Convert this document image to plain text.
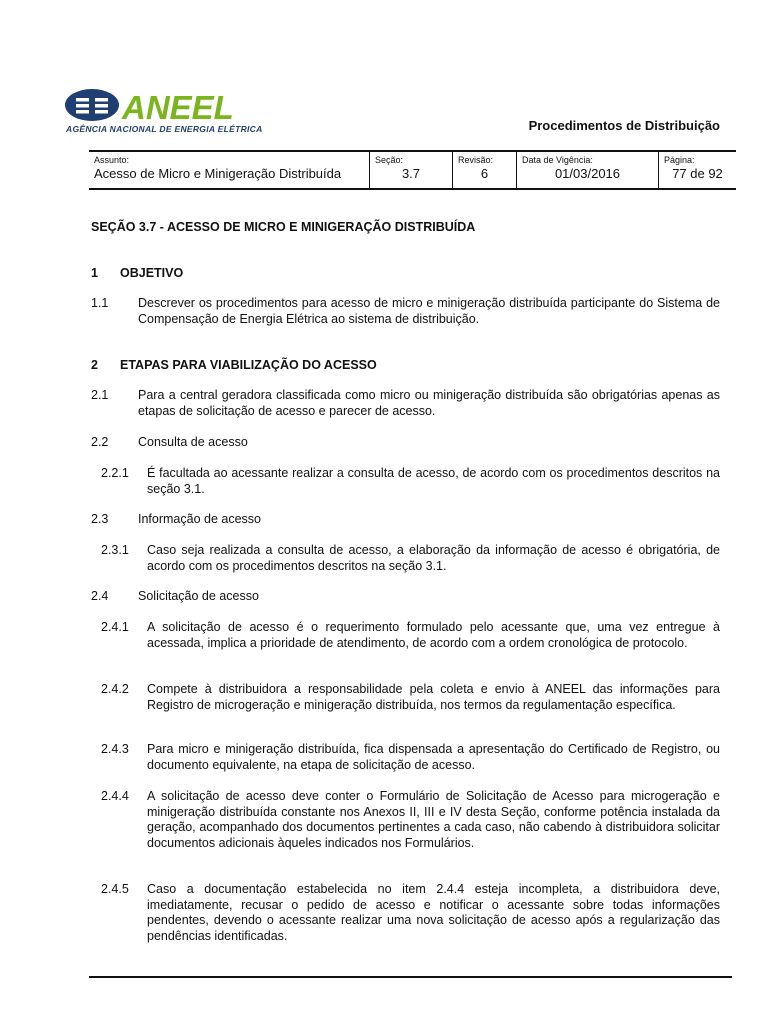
ANEEL
AGÊNCIA NACIONAL DE ENERGIA ELÉTRICA	Procedimentos de Distribuição
Assunto:
Acesso de Micro e Minigeração Distribuída
Seção:
3.7
Revisão:
6
Data de Vigência:
01/03/2016
Página:
77 de 92
SEÇÃO 3.7 - ACESSO DE MICRO E MINIGERAÇÃO DISTRIBUÍDA
1 OBJETIVO
1.1 Descrever os procedimentos para acesso de micro e minigeração distribuída participante do Sistema de Compensação de Energia Elétrica ao sistema de distribuição.
2 ETAPAS PARA VIABILIZAÇÃO DO ACESSO
2.1 Para a central geradora classificada como micro ou minigeração distribuída são obrigatórias apenas as etapas de solicitação de acesso e parecer de acesso.
2.2 Consulta de acesso
2.2.1 É facultada ao acessante realizar a consulta de acesso, de acordo com os procedimentos descritos na seção 3.1.
2.3 Informação de acesso
2.3.1 Caso seja realizada a consulta de acesso, a elaboração da informação de acesso é obrigatória, de acordo com os procedimentos descritos na seção 3.1.
2.4 Solicitação de acesso
2.4.1 A solicitação de acesso é o requerimento formulado pelo acessante que, uma vez entregue à acessada, implica a prioridade de atendimento, de acordo com a ordem cronológica de protocolo.
2.4.2 Compete à distribuidora a responsabilidade pela coleta e envio à ANEEL das informações para Registro de microgeração e minigeração distribuída, nos termos da regulamentação específica.
2.4.3 Para micro e minigeração distribuída, fica dispensada a apresentação do Certificado de Registro, ou documento equivalente, na etapa de solicitação de acesso.
2.4.4 A solicitação de acesso deve conter o Formulário de Solicitação de Acesso para microgeração e minigeração distribuída constante nos Anexos II, III e IV desta Seção, conforme potência instalada da geração, acompanhado dos documentos pertinentes a cada caso, não cabendo à distribuidora solicitar documentos adicionais àqueles indicados nos Formulários.
2.4.5 Caso a documentação estabelecida no item 2.4.4 esteja incompleta, a distribuidora deve, imediatamente, recusar o pedido de acesso e notificar o acessante sobre todas informações pendentes, devendo o acessante realizar uma nova solicitação de acesso após a regularização das pendências identificadas.
